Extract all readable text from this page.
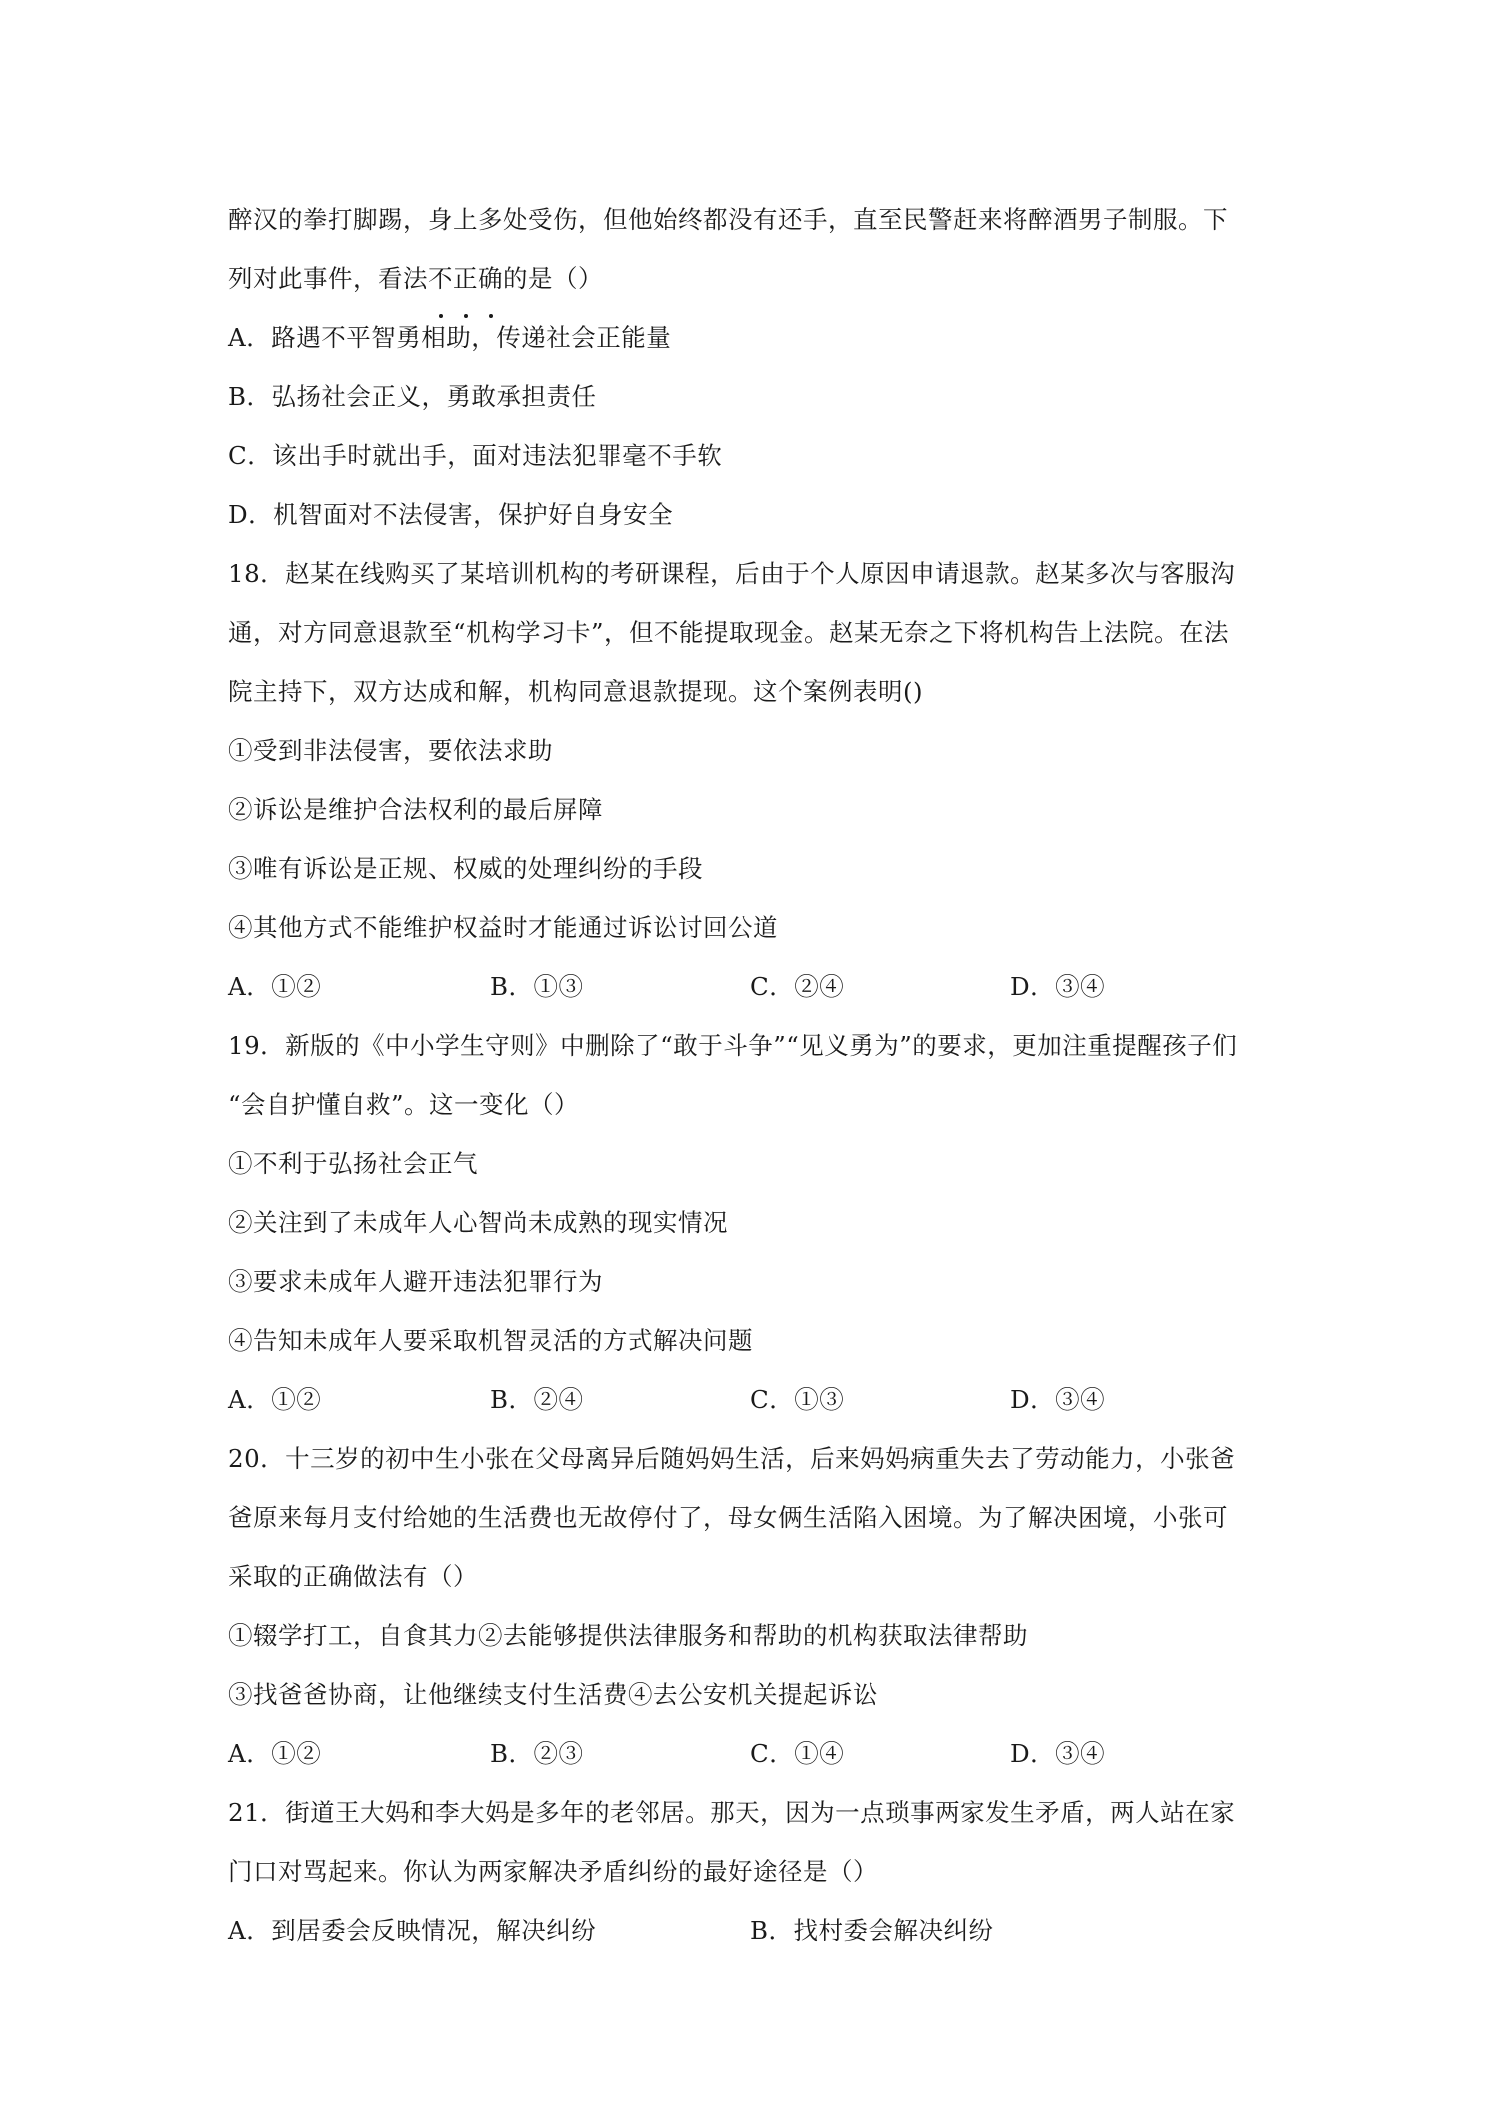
醉汉的拳打脚踢，身上多处受伤，但他始终都没有还手，直至民警赶来将醉酒男子制服。下
列对此事件，看法不正确的是（）
A．路遇不平智勇相助，传递社会正能量
B．弘扬社会正义，勇敢承担责任
C．该出手时就出手，面对违法犯罪毫不手软
D．机智面对不法侵害，保护好自身安全
18．赵某在线购买了某培训机构的考研课程，后由于个人原因申请退款。赵某多次与客服沟
通，对方同意退款至“机构学习卡”，但不能提取现金。赵某无奈之下将机构告上法院。在法
院主持下，双方达成和解，机构同意退款提现。这个案例表明()
①受到非法侵害，要依法求助
②诉讼是维护合法权利的最后屏障
③唯有诉讼是正规、权威的处理纠纷的手段
④其他方式不能维护权益时才能通过诉讼讨回公道
A．①②	B．①③	C．②④	D．③④
19．新版的《中小学生守则》中删除了“敢于斗争”“见义勇为”的要求，更加注重提醒孩子们
“会自护懂自救”。这一变化（）
①不利于弘扬社会正气
②关注到了未成年人心智尚未成熟的现实情况
③要求未成年人避开违法犯罪行为
④告知未成年人要采取机智灵活的方式解决问题
A．①②	B．②④	C．①③	D．③④
20．十三岁的初中生小张在父母离异后随妈妈生活，后来妈妈病重失去了劳动能力，小张爸
爸原来每月支付给她的生活费也无故停付了，母女俩生活陷入困境。为了解决困境，小张可
采取的正确做法有（）
①辍学打工，自食其力②去能够提供法律服务和帮助的机构获取法律帮助
③找爸爸协商，让他继续支付生活费④去公安机关提起诉讼
A．①②	B．②③	C．①④	D．③④
21．街道王大妈和李大妈是多年的老邻居。那天，因为一点琐事两家发生矛盾，两人站在家
门口对骂起来。你认为两家解决矛盾纠纷的最好途径是（）
A．到居委会反映情况，解决纠纷	B．找村委会解决纠纷
